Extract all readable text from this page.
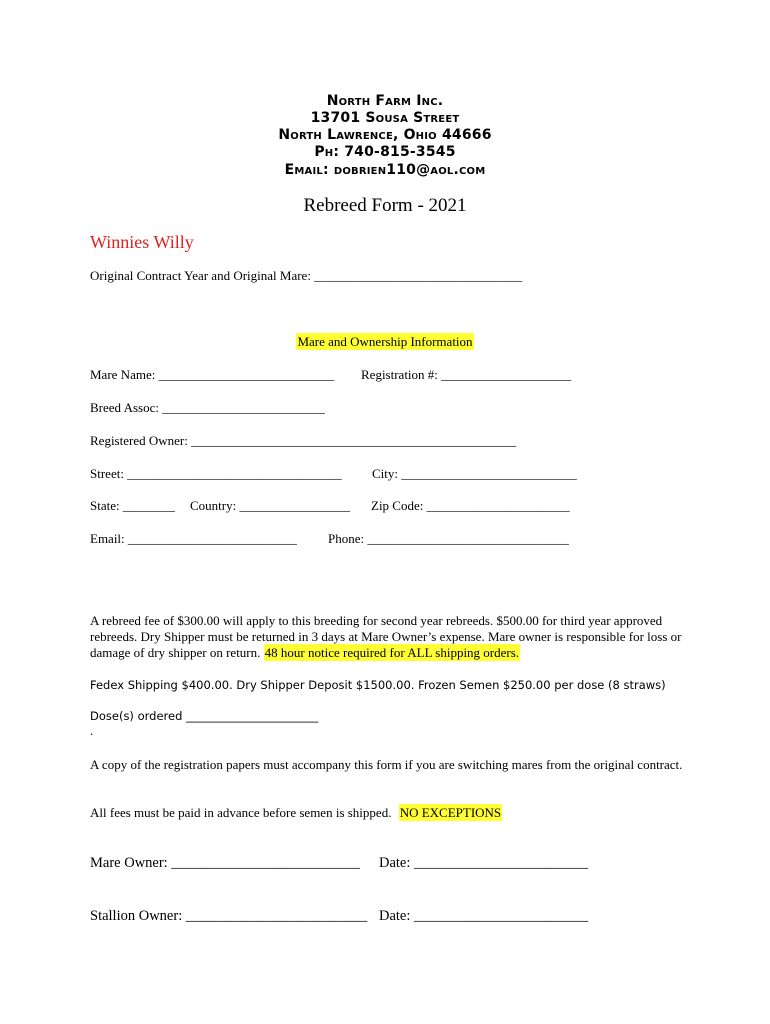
North Farm Inc.
13701 Sousa Street
North Lawrence, Ohio 44666
Ph: 740-815-3545
Email: dobrien110@aol.com
Rebreed Form - 2021
Winnies Willy
Original Contract Year and Original Mare: ________________________________
Mare and Ownership Information
Mare Name: ___________________________ Registration #: ____________________
Breed Assoc: _________________________
Registered Owner: __________________________________________________
Street: _________________________________ City: ___________________________
State: ________ Country: _________________ Zip Code: ______________________
Email: __________________________ Phone: _______________________________
A rebreed fee of $300.00 will apply to this breeding for second year rebreeds. $500.00 for third year approved rebreeds. Dry Shipper must be returned in 3 days at Mare Owner’s expense. Mare owner is responsible for loss or damage of dry shipper on return. 48 hour notice required for ALL shipping orders.
Fedex Shipping $400.00. Dry Shipper Deposit $1500.00. Frozen Semen $250.00 per dose (8 straws)
Dose(s) ordered _______________________
.
A copy of the registration papers must accompany this form if you are switching mares from the original contract.
All fees must be paid in advance before semen is shipped. NO EXCEPTIONS
Mare Owner: __________________________ Date: ________________________
Stallion Owner: _________________________ Date: ________________________
